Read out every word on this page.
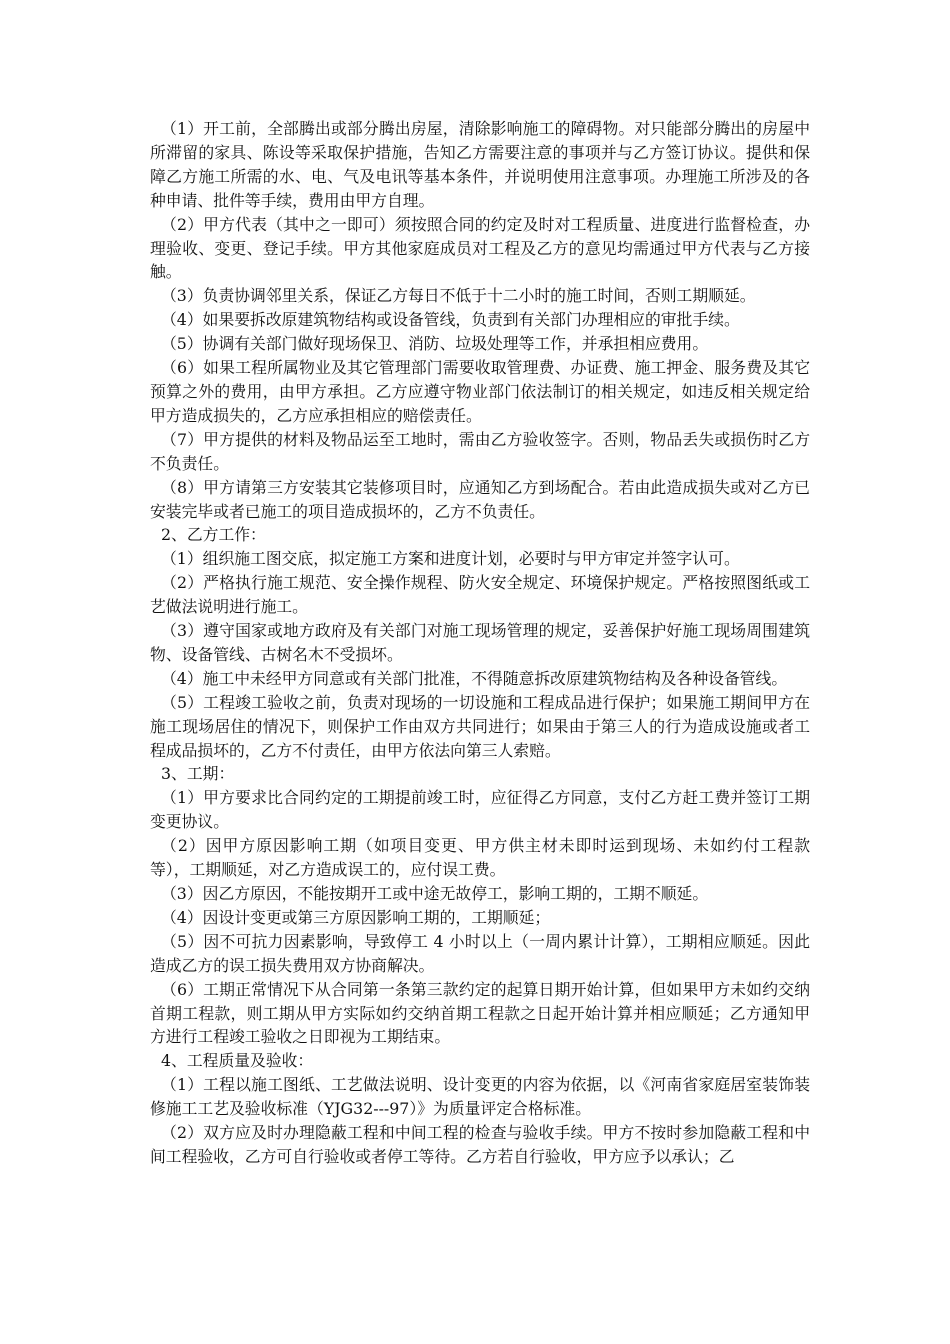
（1）开工前，全部腾出或部分腾出房屋，清除影响施工的障碍物。对只能部分腾出的房屋中所滞留的家具、陈设等采取保护措施，告知乙方需要注意的事项并与乙方签订协议。提供和保障乙方施工所需的水、电、气及电讯等基本条件，并说明使用注意事项。办理施工所涉及的各种申请、批件等手续，费用由甲方自理。

（2）甲方代表（其中之一即可）须按照合同的约定及时对工程质量、进度进行监督检查，办理验收、变更、登记手续。甲方其他家庭成员对工程及乙方的意见均需通过甲方代表与乙方接触。

（3）负责协调邻里关系，保证乙方每日不低于十二小时的施工时间，否则工期顺延。

（4）如果要拆改原建筑物结构或设备管线，负责到有关部门办理相应的审批手续。

（5）协调有关部门做好现场保卫、消防、垃圾处理等工作，并承担相应费用。

（6）如果工程所属物业及其它管理部门需要收取管理费、办证费、施工押金、服务费及其它预算之外的费用，由甲方承担。乙方应遵守物业部门依法制订的相关规定，如违反相关规定给甲方造成损失的，乙方应承担相应的赔偿责任。

（7）甲方提供的材料及物品运至工地时，需由乙方验收签字。否则，物品丢失或损伤时乙方不负责任。

（8）甲方请第三方安装其它装修项目时，应通知乙方到场配合。若由此造成损失或对乙方已安装完毕或者已施工的项目造成损坏的，乙方不负责任。

2、乙方工作：

（1）组织施工图交底，拟定施工方案和进度计划，必要时与甲方审定并签字认可。

（2）严格执行施工规范、安全操作规程、防火安全规定、环境保护规定。严格按照图纸或工艺做法说明进行施工。

（3）遵守国家或地方政府及有关部门对施工现场管理的规定，妥善保护好施工现场周围建筑物、设备管线、古树名木不受损坏。

（4）施工中未经甲方同意或有关部门批准，不得随意拆改原建筑物结构及各种设备管线。

（5）工程竣工验收之前，负责对现场的一切设施和工程成品进行保护；如果施工期间甲方在施工现场居住的情况下，则保护工作由双方共同进行；如果由于第三人的行为造成设施或者工程成品损坏的，乙方不付责任，由甲方依法向第三人索赔。

3、工期：

（1）甲方要求比合同约定的工期提前竣工时，应征得乙方同意，支付乙方赶工费并签订工期变更协议。

（2）因甲方原因影响工期（如项目变更、甲方供主材未即时运到现场、未如约付工程款等），工期顺延，对乙方造成误工的，应付误工费。

（3）因乙方原因，不能按期开工或中途无故停工，影响工期的，工期不顺延。

（4）因设计变更或第三方原因影响工期的，工期顺延；

（5）因不可抗力因素影响，导致停工 4 小时以上（一周内累计计算），工期相应顺延。因此造成乙方的误工损失费用双方协商解决。

（6）工期正常情况下从合同第一条第三款约定的起算日期开始计算，但如果甲方未如约交纳首期工程款，则工期从甲方实际如约交纳首期工程款之日起开始计算并相应顺延；乙方通知甲方进行工程竣工验收之日即视为工期结束。

4、工程质量及验收：

（1）工程以施工图纸、工艺做法说明、设计变更的内容为依据，以《河南省家庭居室装饰装修施工工艺及验收标准（YJG32---97）》为质量评定合格标准。

（2）双方应及时办理隐蔽工程和中间工程的检查与验收手续。甲方不按时参加隐蔽工程和中间工程验收，乙方可自行验收或者停工等待。乙方若自行验收，甲方应予以承认；乙
